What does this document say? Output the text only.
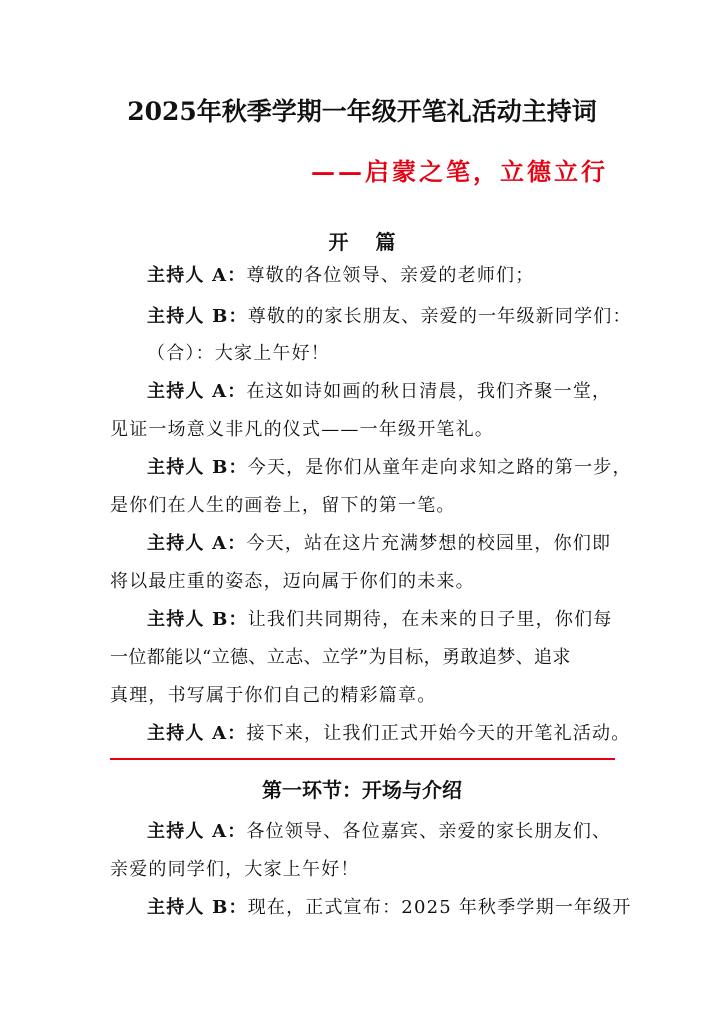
2025年秋季学期一年级开笔礼活动主持词
——启蒙之笔，立德立行
开 篇
主持人 A：尊敬的各位领导、亲爱的老师们；
主持人 B：尊敬的的家长朋友、亲爱的一年级新同学们：
（合）：大家上午好！
主持人 A：在这如诗如画的秋日清晨，我们齐聚一堂，
见证一场意义非凡的仪式——一年级开笔礼。
主持人 B：今天，是你们从童年走向求知之路的第一步，
是你们在人生的画卷上，留下的第一笔。
主持人 A：今天，站在这片充满梦想的校园里，你们即
将以最庄重的姿态，迈向属于你们的未来。
主持人 B：让我们共同期待，在未来的日子里，你们每
一位都能以“立德、立志、立学”为目标，勇敢追梦、追求
真理，书写属于你们自己的精彩篇章。
主持人 A：接下来，让我们正式开始今天的开笔礼活动。
第一环节：开场与介绍
主持人 A：各位领导、各位嘉宾、亲爱的家长朋友们、
亲爱的同学们，大家上午好！
主持人 B：现在，正式宣布：2025 年秋季学期一年级开
